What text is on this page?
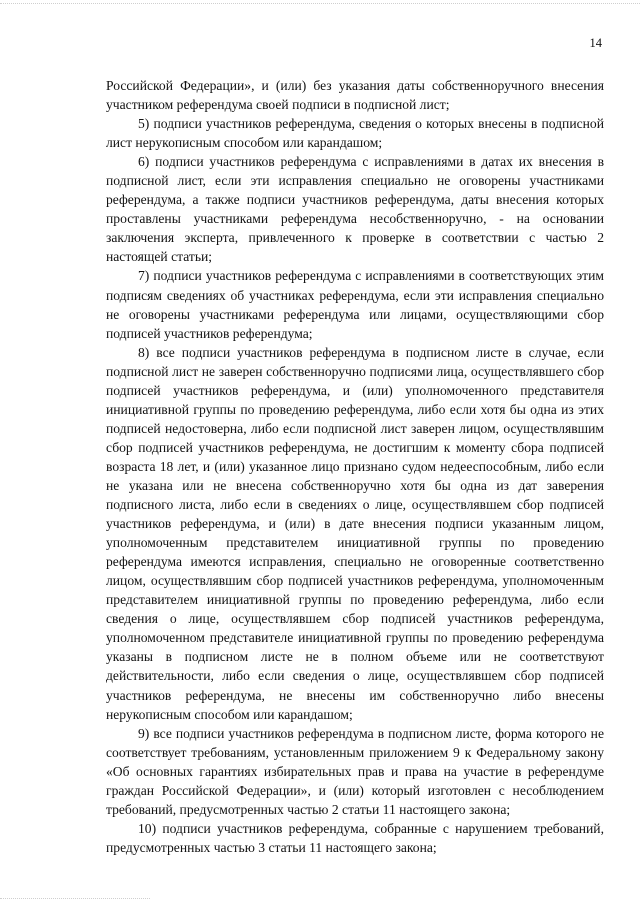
14

Российской Федерации», и (или) без указания даты собственноручного внесения участником референдума своей подписи в подписной лист;

5) подписи участников референдума, сведения о которых внесены в подписной лист нерукописным способом или карандашом;

6) подписи участников референдума с исправлениями в датах их внесения в подписной лист, если эти исправления специально не оговорены участниками референдума, а также подписи участников референдума, даты внесения которых проставлены участниками референдума несобственноручно, - на основании заключения эксперта, привлеченного к проверке в соответствии с частью 2 настоящей статьи;

7) подписи участников референдума с исправлениями в соответствующих этим подписям сведениях об участниках референдума, если эти исправления специально не оговорены участниками референдума или лицами, осуществляющими сбор подписей участников референдума;

8) все подписи участников референдума в подписном листе в случае, если подписной лист не заверен собственноручно подписями лица, осуществлявшего сбор подписей участников референдума, и (или) уполномоченного представителя инициативной группы по проведению референдума, либо если хотя бы одна из этих подписей недостоверна, либо если подписной лист заверен лицом, осуществлявшим сбор подписей участников референдума, не достигшим к моменту сбора подписей возраста 18 лет, и (или) указанное лицо признано судом недееспособным, либо если не указана или не внесена собственноручно хотя бы одна из дат заверения подписного листа, либо если в сведениях о лице, осуществлявшем сбор подписей участников референдума, и (или) в дате внесения подписи указанным лицом, уполномоченным представителем инициативной группы по проведению референдума имеются исправления, специально не оговоренные соответственно лицом, осуществлявшим сбор подписей участников референдума, уполномоченным представителем инициативной группы по проведению референдума, либо если сведения о лице, осуществлявшем сбор подписей участников референдума, уполномоченном представителе инициативной группы по проведению референдума указаны в подписном листе не в полном объеме или не соответствуют действительности, либо если сведения о лице, осуществлявшем сбор подписей участников референдума, не внесены им собственноручно либо внесены нерукописным способом или карандашом;

9) все подписи участников референдума в подписном листе, форма которого не соответствует требованиям, установленным приложением 9 к Федеральному закону «Об основных гарантиях избирательных прав и права на участие в референдуме граждан Российской Федерации», и (или) который изготовлен с несоблюдением требований, предусмотренных частью 2 статьи 11 настоящего закона;

10) подписи участников референдума, собранные с нарушением требований, предусмотренных частью 3 статьи 11 настоящего закона;
